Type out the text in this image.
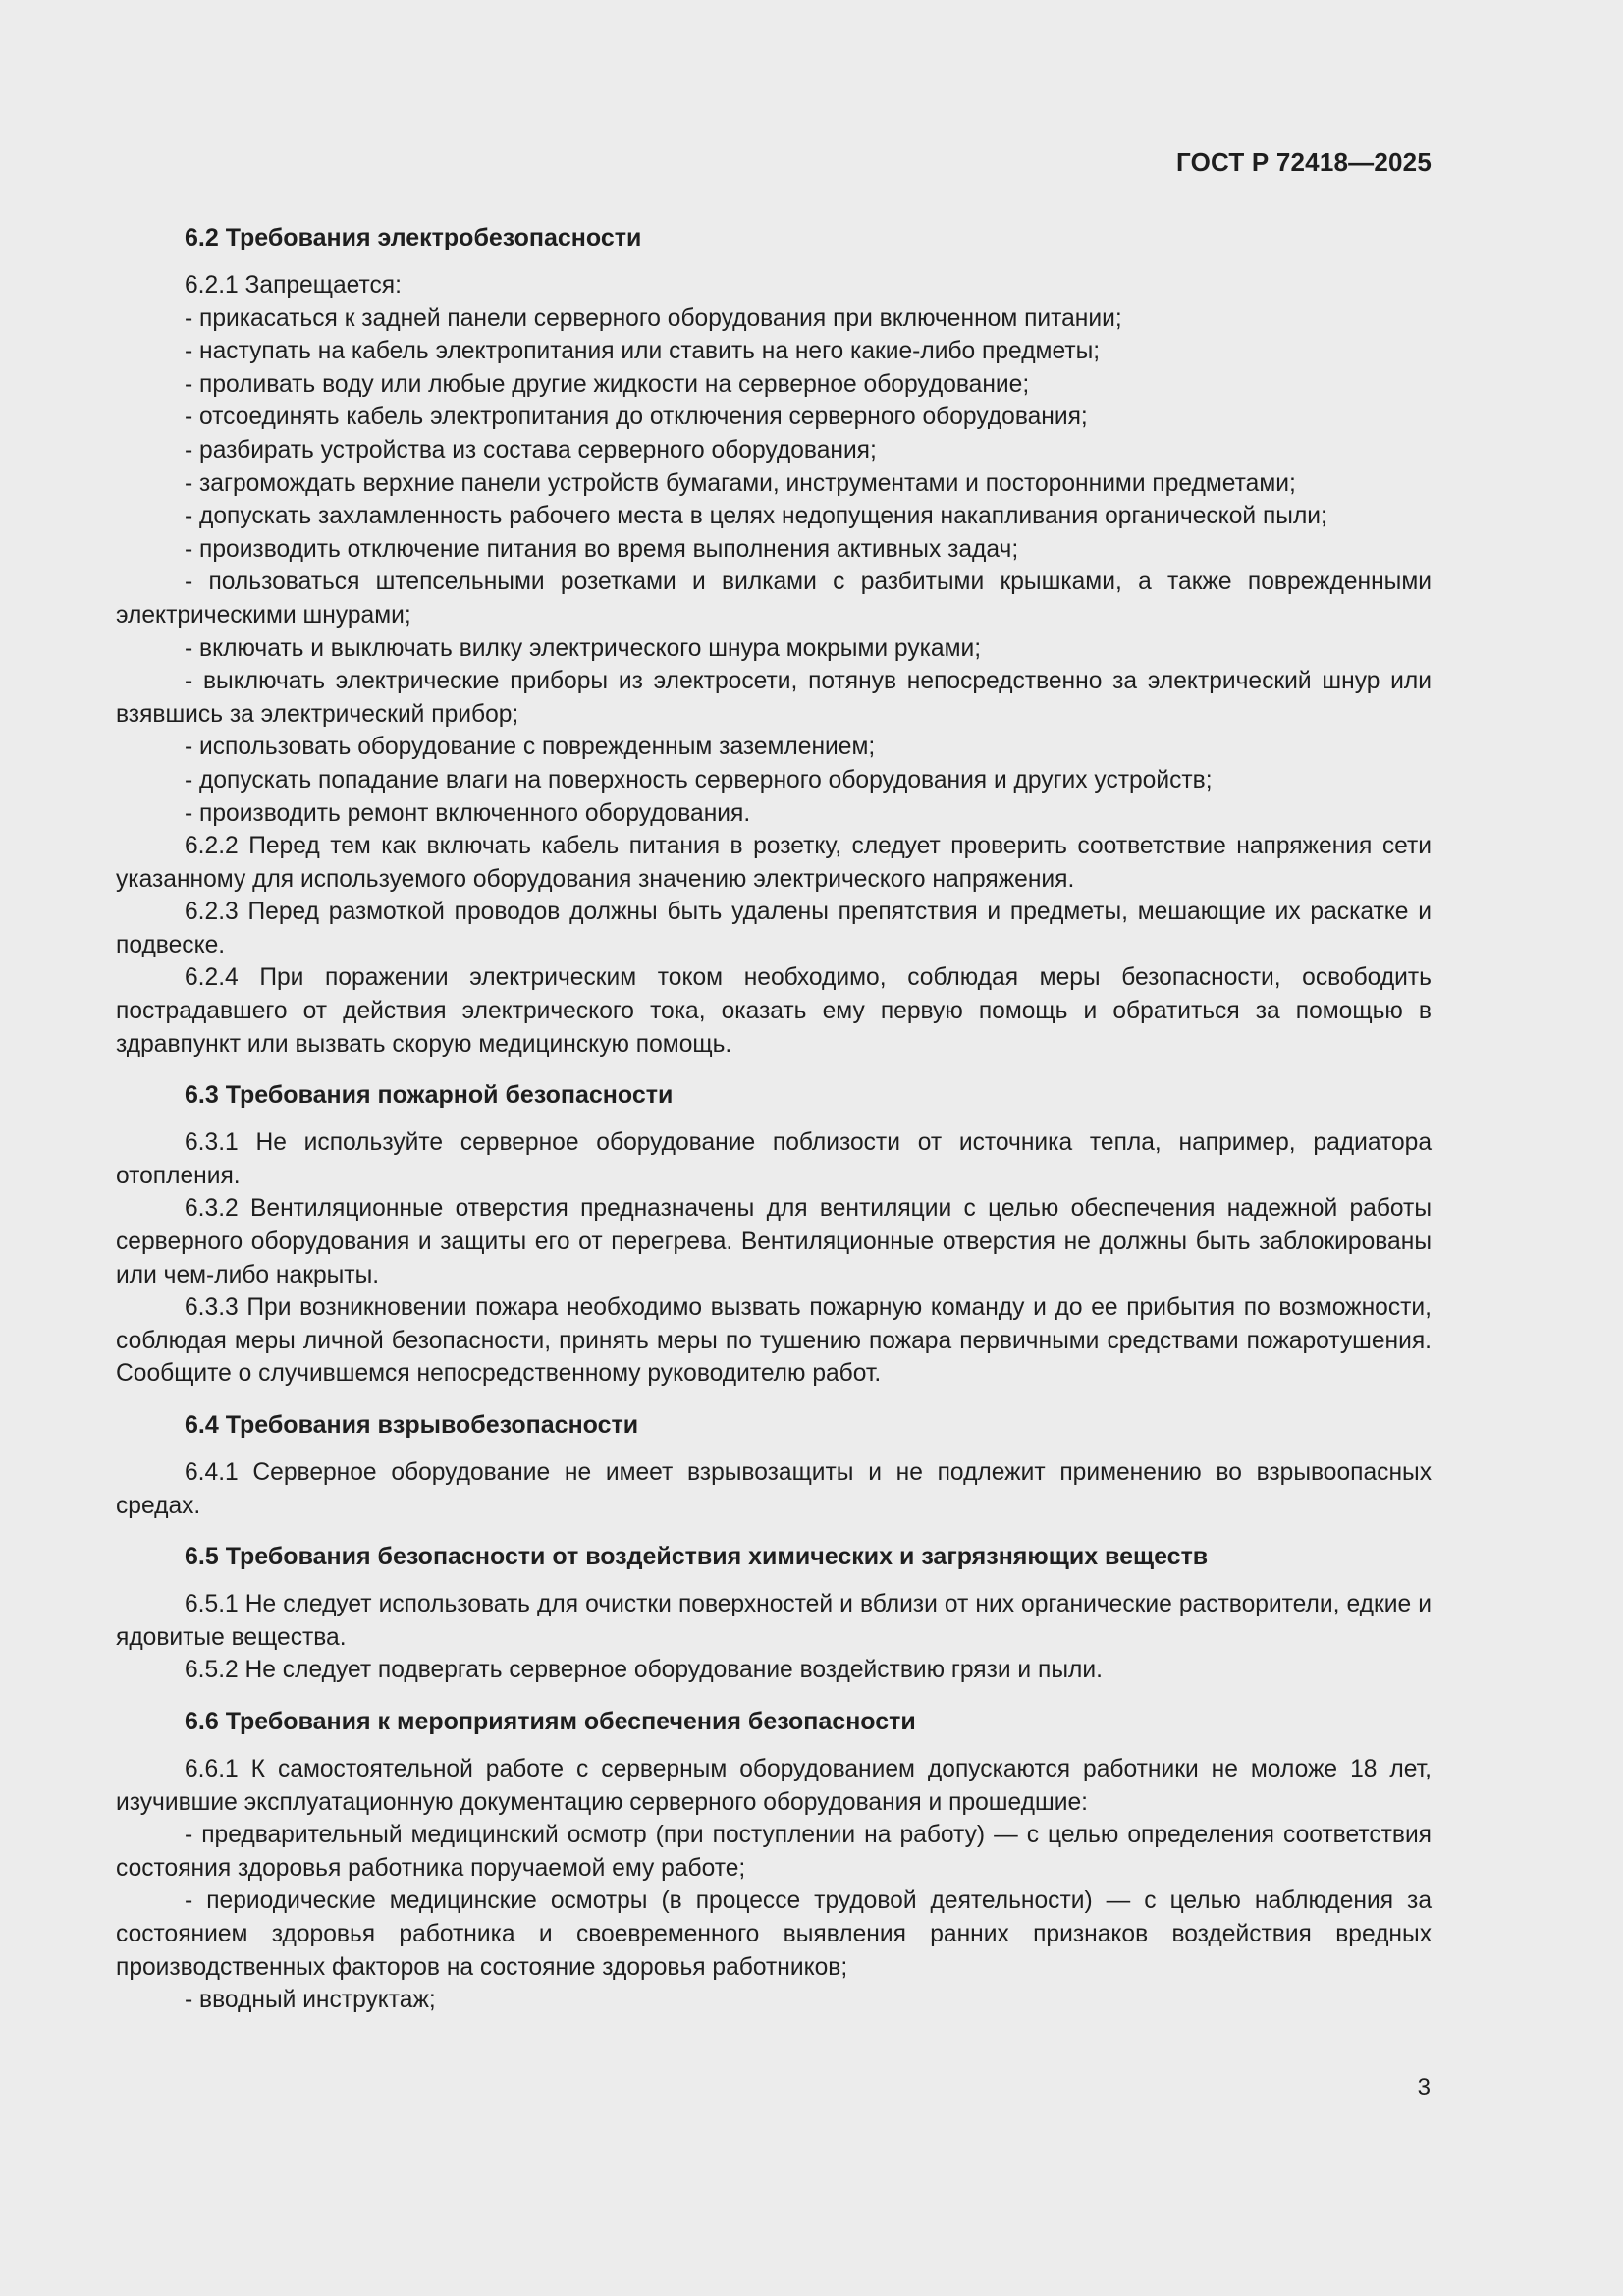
ГОСТ Р 72418—2025
6.2 Требования электробезопасности

6.2.1 Запрещается:

- прикасаться к задней панели серверного оборудования при включенном питании;

- наступать на кабель электропитания или ставить на него какие-либо предметы;

- проливать воду или любые другие жидкости на серверное оборудование;

- отсоединять кабель электропитания до отключения серверного оборудования;

- разбирать устройства из состава серверного оборудования;

- загромождать верхние панели устройств бумагами, инструментами и посторонними предметами;

- допускать захламленность рабочего места в целях недопущения накапливания органической пыли;

- производить отключение питания во время выполнения активных задач;

- пользоваться штепсельными розетками и вилками с разбитыми крышками, а также поврежденными электрическими шнурами;

- включать и выключать вилку электрического шнура мокрыми руками;

- выключать электрические приборы из электросети, потянув непосредственно за электрический шнур или взявшись за электрический прибор;

- использовать оборудование с поврежденным заземлением;

- допускать попадание влаги на поверхность серверного оборудования и других устройств;

- производить ремонт включенного оборудования.

6.2.2 Перед тем как включать кабель питания в розетку, следует проверить соответствие напряжения сети указанному для используемого оборудования значению электрического напряжения.

6.2.3 Перед размоткой проводов должны быть удалены препятствия и предметы, мешающие их раскатке и подвеске.

6.2.4 При поражении электрическим током необходимо, соблюдая меры безопасности, освободить пострадавшего от действия электрического тока, оказать ему первую помощь и обратиться за помощью в здравпункт или вызвать скорую медицинскую помощь.

6.3 Требования пожарной безопасности

6.3.1 Не используйте серверное оборудование поблизости от источника тепла, например, радиатора отопления.

6.3.2 Вентиляционные отверстия предназначены для вентиляции с целью обеспечения надежной работы серверного оборудования и защиты его от перегрева. Вентиляционные отверстия не должны быть заблокированы или чем-либо накрыты.

6.3.3 При возникновении пожара необходимо вызвать пожарную команду и до ее прибытия по возможности, соблюдая меры личной безопасности, принять меры по тушению пожара первичными средствами пожаротушения. Сообщите о случившемся непосредственному руководителю работ.

6.4 Требования взрывобезопасности

6.4.1 Серверное оборудование не имеет взрывозащиты и не подлежит применению во взрывоопасных средах.

6.5 Требования безопасности от воздействия химических и загрязняющих веществ

6.5.1 Не следует использовать для очистки поверхностей и вблизи от них органические растворители, едкие и ядовитые вещества.

6.5.2 Не следует подвергать серверное оборудование воздействию грязи и пыли.

6.6 Требования к мероприятиям обеспечения безопасности

6.6.1 К самостоятельной работе с серверным оборудованием допускаются работники не моложе 18 лет, изучившие эксплуатационную документацию серверного оборудования и прошедшие:

- предварительный медицинский осмотр (при поступлении на работу) — с целью определения соответствия состояния здоровья работника поручаемой ему работе;

- периодические медицинские осмотры (в процессе трудовой деятельности) — с целью наблюдения за состоянием здоровья работника и своевременного выявления ранних признаков воздействия вредных производственных факторов на состояние здоровья работников;

- вводный инструктаж;

3
